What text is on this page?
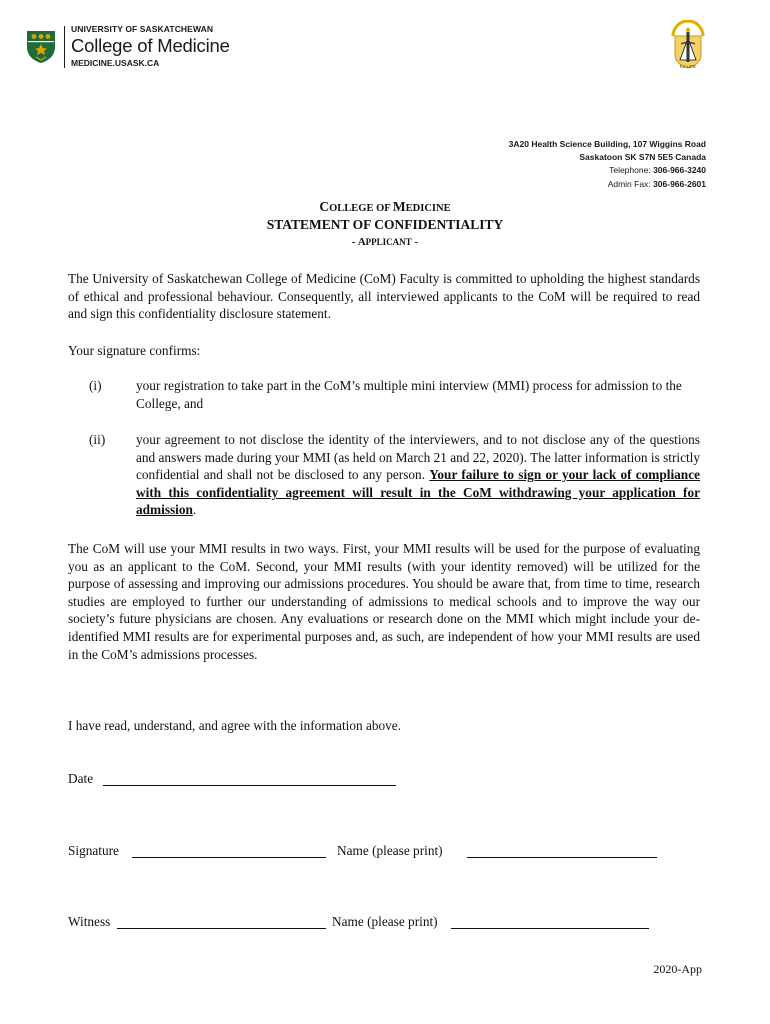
UNIVERSITY OF SASKATCHEWAN
College of Medicine
MEDICINE.USASK.CA	for LIFE
3A20 Health Science Building, 107 Wiggins Road
Saskatoon SK S7N 5E5 Canada
Telephone: 306-966-3240
Admin Fax: 306-966-2601
COLLEGE OF MEDICINE
STATEMENT OF CONFIDENTIALITY
- APPLICANT -
The University of Saskatchewan College of Medicine (CoM) Faculty is committed to upholding the highest standards of ethical and professional behaviour. Consequently, all interviewed applicants to the CoM will be required to read and sign this confidentiality disclosure statement.
Your signature confirms:
(i)	your registration to take part in the CoM’s multiple mini interview (MMI) process for admission to the College, and
(ii) your agreement to not disclose the identity of the interviewers, and to not disclose any of the questions and answers made during your MMI (as held on March 21 and 22, 2020). The latter information is strictly confidential and shall not be disclosed to any person. Your failure to sign or your lack of compliance with this confidentiality agreement will result in the CoM withdrawing your application for admission.
The CoM will use your MMI results in two ways. First, your MMI results will be used for the purpose of evaluating you as an applicant to the CoM. Second, your MMI results (with your identity removed) will be utilized for the purpose of assessing and improving our admissions procedures. You should be aware that, from time to time, research studies are employed to further our understanding of admissions to medical schools and to improve the way our society’s future physicians are chosen. Any evaluations or research done on the MMI which might include your de-identified MMI results are for experimental purposes and, as such, are independent of how your MMI results are used in the CoM’s admissions processes.
I have read, understand, and agree with the information above.
Date
Signature	Name (please print)
Witness	Name (please print)
2020-App
